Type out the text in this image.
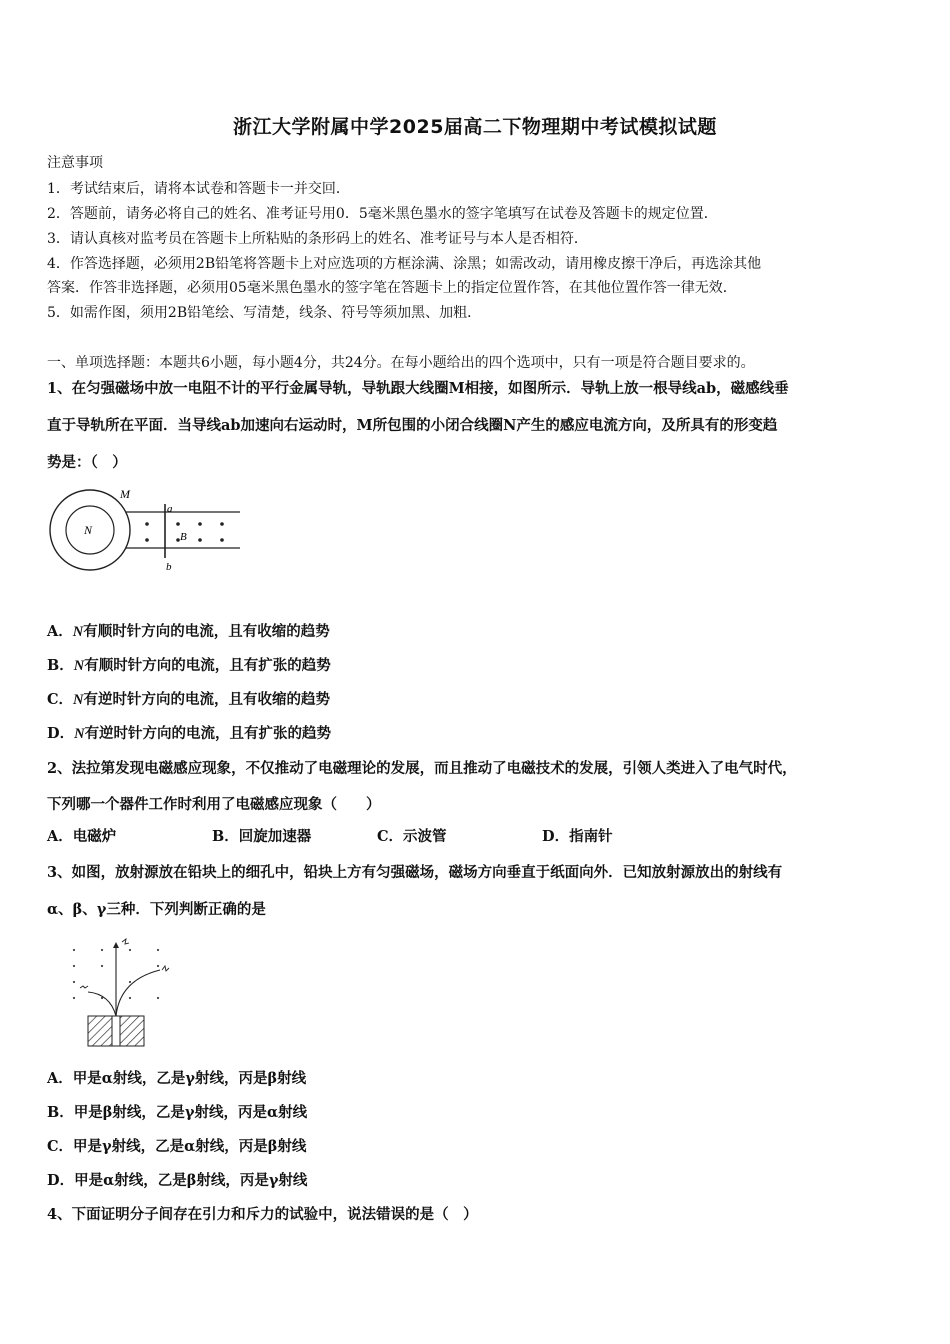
浙江大学附属中学2025届高二下物理期中考试模拟试题
注意事项
1．考试结束后，请将本试卷和答题卡一并交回．
2．答题前，请务必将自己的姓名、准考证号用0．5毫米黑色墨水的签字笔填写在试卷及答题卡的规定位置．
3．请认真核对监考员在答题卡上所粘贴的条形码上的姓名、准考证号与本人是否相符．
4．作答选择题，必须用2B铅笔将答题卡上对应选项的方框涂满、涂黑；如需改动，请用橡皮擦干净后，再选涂其他
答案．作答非选择题，必须用05毫米黑色墨水的签字笔在答题卡上的指定位置作答，在其他位置作答一律无效．
5．如需作图，须用2B铅笔绘、写清楚，线条、符号等须加黑、加粗．
一、单项选择题：本题共6小题，每小题4分，共24分。在每小题给出的四个选项中，只有一项是符合题目要求的。
1、在匀强磁场中放一电阻不计的平行金属导轨，导轨跟大线圈M相接，如图所示．导轨上放一根导线ab，磁感线垂
直于导轨所在平面．当导线ab加速向右运动时，M所包围的小闭合线圈N产生的感应电流方向，及所具有的形变趋
势是：（　）
M
N
a
b
B
A．N有顺时针方向的电流，且有收缩的趋势
B．N有顺时针方向的电流，且有扩张的趋势
C．N有逆时针方向的电流，且有收缩的趋势
D．N有逆时针方向的电流，且有扩张的趋势
2、法拉第发现电磁感应现象，不仅推动了电磁理论的发展，而且推动了电磁技术的发展，引领人类进入了电气时代，
下列哪一个器件工作时利用了电磁感应现象（　　）
A．电磁炉	B．回旋加速器	C．示波管	D．指南针
3、如图，放射源放在铅块上的细孔中，铅块上方有匀强磁场，磁场方向垂直于纸面向外．已知放射源放出的射线有
α、β、γ三种．下列判断正确的是
A．甲是α射线，乙是γ射线，丙是β射线
B．甲是β射线，乙是γ射线，丙是α射线
C．甲是γ射线，乙是α射线，丙是β射线
D．甲是α射线，乙是β射线，丙是γ射线
4、下面证明分子间存在引力和斥力的试验中，说法错误的是（　）
